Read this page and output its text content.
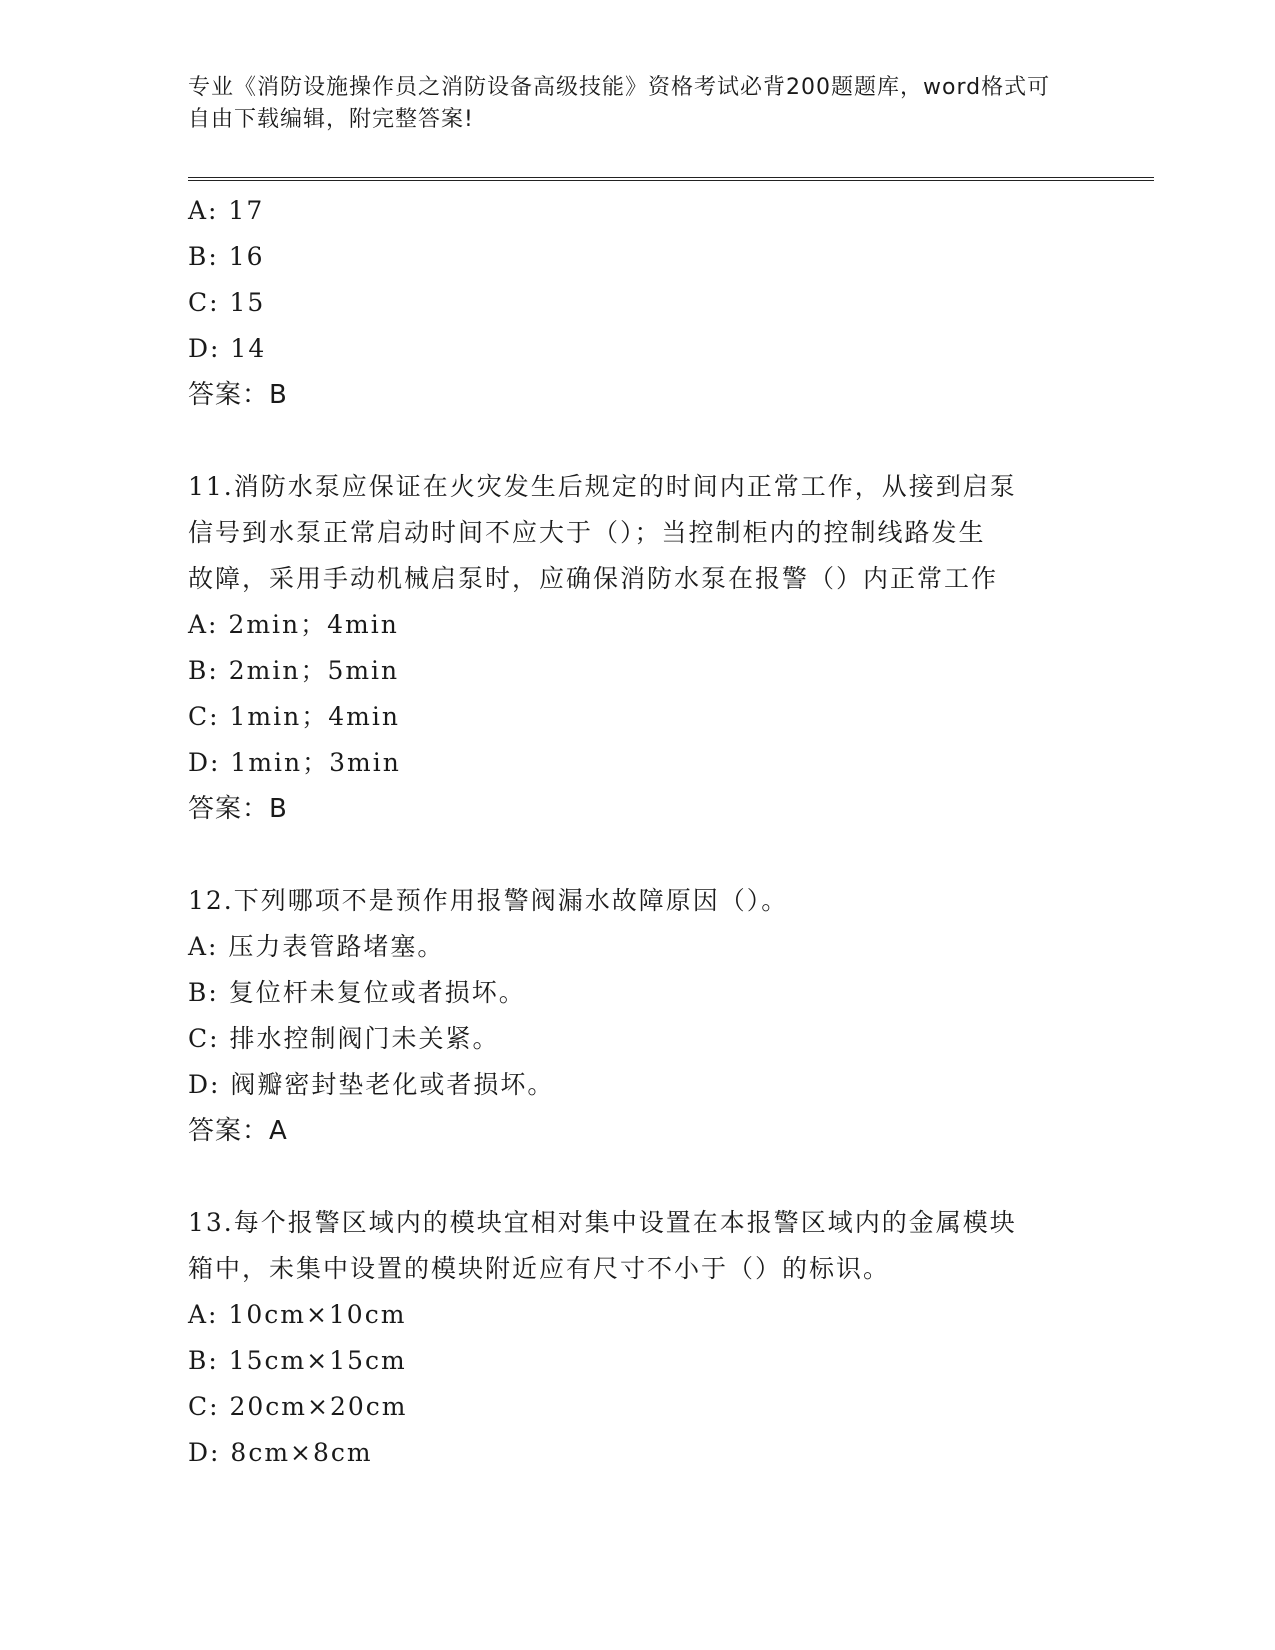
专业《消防设施操作员之消防设备高级技能》资格考试必背200题题库，word格式可自由下载编辑，附完整答案!
A: 17
B: 16
C: 15
D: 14
答案：B
11.消防水泵应保证在火灾发生后规定的时间内正常工作，从接到启泵
信号到水泵正常启动时间不应大于（）；当控制柜内的控制线路发生
故障，采用手动机械启泵时，应确保消防水泵在报警（）内正常工作
A: 2min；4min
B: 2min；5min
C: 1min；4min
D: 1min；3min
答案：B
12.下列哪项不是预作用报警阀漏水故障原因（）。
A: 压力表管路堵塞。
B: 复位杆未复位或者损坏。
C: 排水控制阀门未关紧。
D: 阀瓣密封垫老化或者损坏。
答案：A
13.每个报警区域内的模块宜相对集中设置在本报警区域内的金属模块
箱中，未集中设置的模块附近应有尺寸不小于（）的标识。
A: 10cm×10cm
B: 15cm×15cm
C: 20cm×20cm
D: 8cm×8cm
